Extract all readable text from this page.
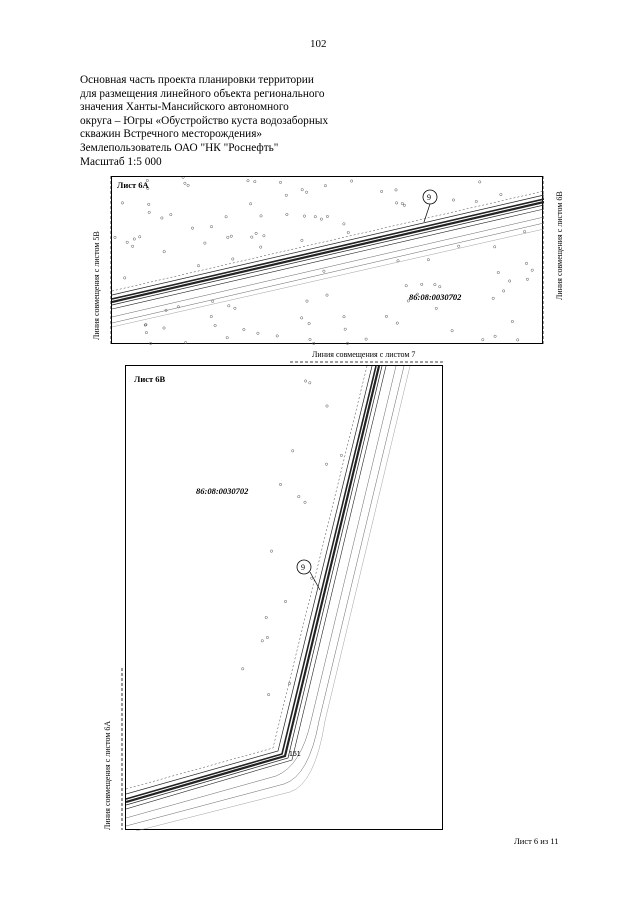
102
Основная часть проекта планировки территории
для размещения линейного объекта регионального
значения Ханты-Мансийского автономного
округа – Югры «Обустройство куста водозаборных
скважин Встречного месторождения»
Землепользователь ОАО "НК "Роснефть"
Масштаб 1:5 000
9
Лист 6А
86:08:0030702
Линия совмещения с листом 5В	Линия совмещения с листом 6В
Линия совмещения с листом 7
9
151
Лист 6В
86:08:0030702
Линия совмещения с листом 6А
Лист 6 из 11
